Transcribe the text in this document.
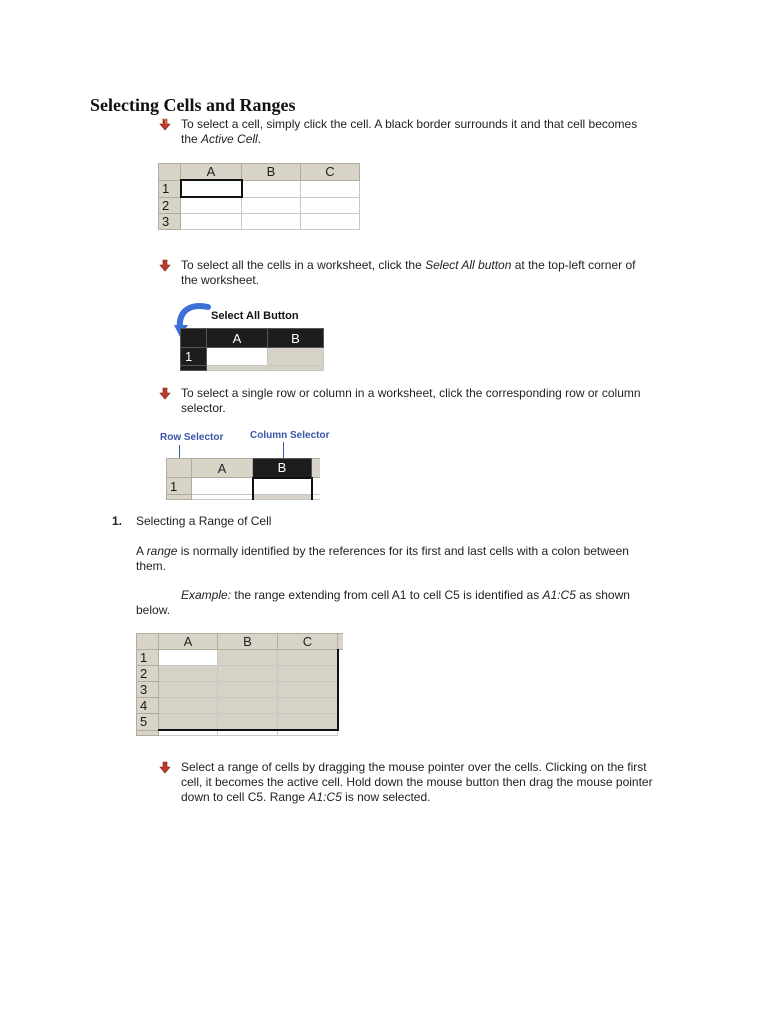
Selecting Cells and Ranges
To select a cell, simply click the cell. A black border surrounds it and that cell becomes
the Active Cell.
	A	B	C
1			
2			
3			
To select all the cells in a worksheet, click the Select All button at the top-left corner of
the worksheet.
Select All Button
	A	B
1		

To select a single row or column in a worksheet, click the corresponding row or column
selector.
Row Selector	Column Selector
	A	B	
1			

1. Selecting a Range of Cell
A range is normally identified by the references for its first and last cells with a colon between
them.
Example: the range extending from cell A1 to cell C5 is identified as A1:C5 as shown
below.
	A	B	C	
1				
2				
3				
4				
5				

Select a range of cells by dragging the mouse pointer over the cells. Clicking on the first
cell, it becomes the active cell. Hold down the mouse button then drag the mouse pointer
down to cell C5. Range A1:C5 is now selected.
